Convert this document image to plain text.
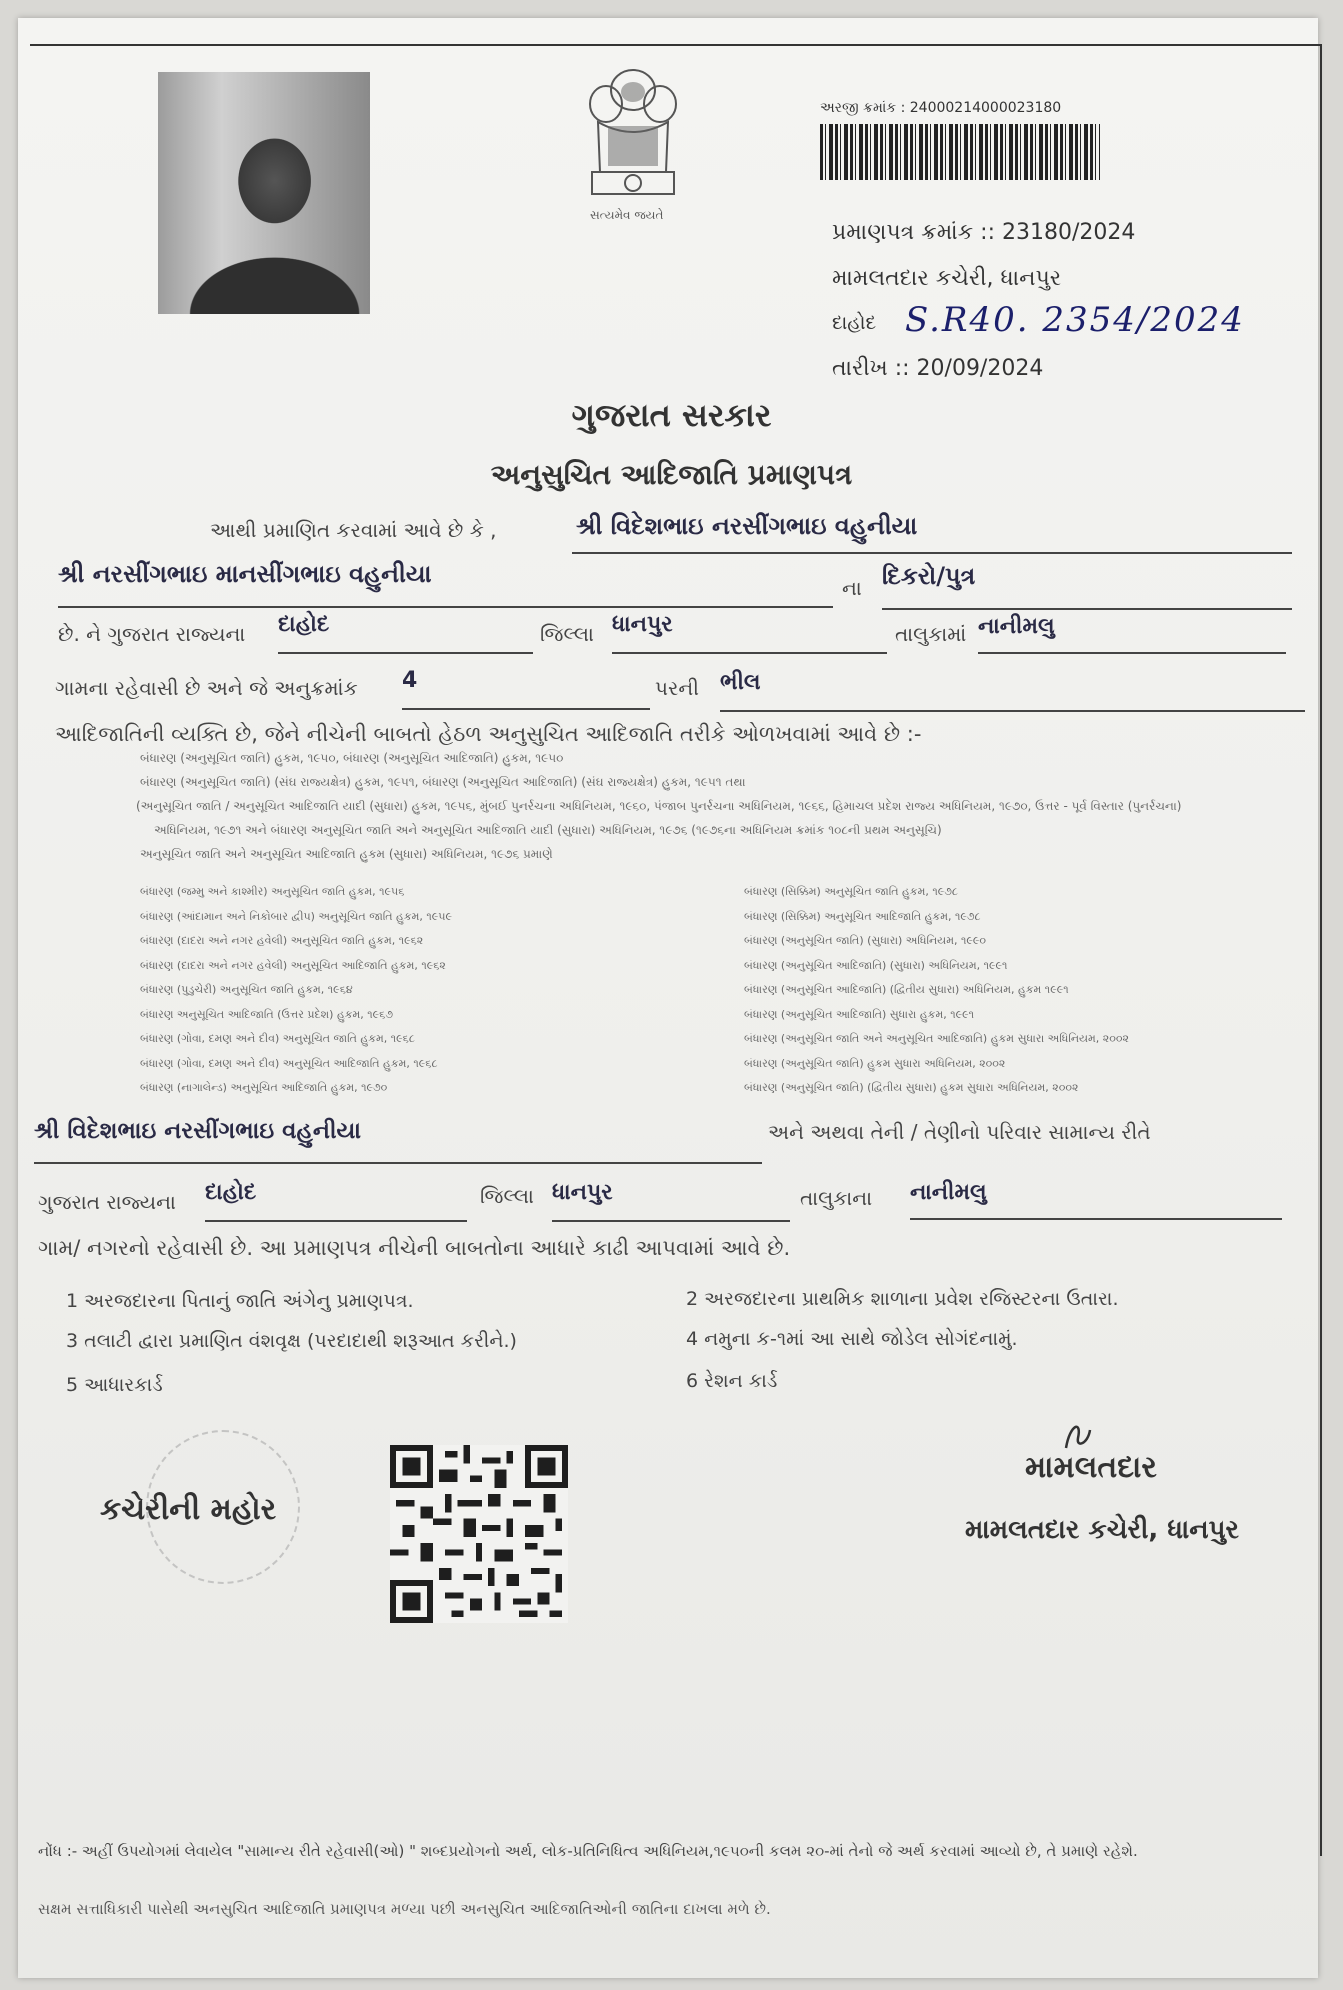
સત્યમેવ જયતે
અરજી ક્રમાંક : 24000214000023180
પ્રમાણપત્ર ક્રમાંક :: 23180/2024
મામલતદાર કચેરી, ધાનપુર
દાહોદ S.R40. 2354/2024
તારીખ :: 20/09/2024
ગુજરાત સરકાર
અનુસુચિત આદિજાતિ પ્રમાણપત્ર
આથી પ્રમાણિત કરવામાં આવે છે કે ,	શ્રી વિદેશભાઇ નરસીંગભાઇ વહુનીયા
શ્રી નરસીંગભાઇ માનસીંગભાઇ વહુનીયા	ના દિકરો/પુત્ર
છે. ને ગુજરાત રાજ્યના દાહોદ	જિલ્લા ધાનપુર	તાલુકામાં નાનીમલુ
ગામના રહેવાસી છે અને જે અનુક્રમાંક 4	પરની ભીલ
આદિજાતિની વ્યક્તિ છે, જેને નીચેની બાબતો હેઠળ અનુસુચિત આદિજાતિ તરીકે ઓળખવામાં આવે છે :-
બંધારણ (અનુસૂચિત જાતિ) હુકમ, ૧૯૫૦, બંધારણ (અનુસૂચિત આદિજાતિ) હુકમ, ૧૯૫૦
બંધારણ (અનુસૂચિત જાતિ) (સંઘ રાજ્યક્ષેત્ર) હુકમ, ૧૯૫૧, બંધારણ (અનુસૂચિત આદિજાતિ) (સંઘ રાજ્યક્ષેત્ર) હુકમ, ૧૯૫૧ તથા
(અનુસૂચિત જાતિ / અનુસૂચિત આદિજાતિ યાદી (સુધારા) હુકમ, ૧૯૫૬, મુંબઈ પુનર્રચના અધિનિયમ, ૧૯૬૦, પંજાબ પુનર્રચના અધિનિયમ, ૧૯૬૬, હિમાચલ પ્રદેશ રાજ્ય અધિનિયમ, ૧૯૭૦, ઉત્તર - પૂર્વ વિસ્તાર (પુનર્રચના)
અધિનિયમ, ૧૯૭૧ અને બંધારણ અનુસૂચિત જાતિ અને અનુસૂચિત આદિજાતિ યાદી (સુધારા) અધિનિયમ, ૧૯૭૬ (૧૯૭૬ના અધિનિયમ ક્રમાંક ૧૦૮ની પ્રથમ અનુસૂચિ)
અનુસૂચિત જાતિ અને અનુસૂચિત આદિજાતિ હુકમ (સુધારા) અધિનિયમ, ૧૯૭૬ પ્રમાણે
બંધારણ (જમ્મુ અને કાશ્મીર) અનુસૂચિત જાતિ હુકમ, ૧૯૫૬
બંધારણ (આંદામાન અને નિકોબાર દ્વીપ) અનુસૂચિત જાતિ હુકમ, ૧૯૫૯
બંધારણ (દાદરા અને નગર હવેલી) અનુસૂચિત જાતિ હુકમ, ૧૯૬૨
બંધારણ (દાદરા અને નગર હવેલી) અનુસૂચિત આદિજાતિ હુકમ, ૧૯૬૨
બંધારણ (પુડુચેરી) અનુસૂચિત જાતિ હુકમ, ૧૯૬૪
બંધારણ અનુસૂચિત આદિજાતિ (ઉત્તર પ્રદેશ) હુકમ, ૧૯૬૭
બંધારણ (ગોવા, દમણ અને દીવ) અનુસૂચિત જાતિ હુકમ, ૧૯૬૮
બંધારણ (ગોવા, દમણ અને દીવ) અનુસૂચિત આદિજાતિ હુકમ, ૧૯૬૮
બંધારણ (નાગાલેન્ડ) અનુસૂચિત આદિજાતિ હુકમ, ૧૯૭૦
બંધારણ (સિક્કિમ) અનુસૂચિત જાતિ હુકમ, ૧૯૭૮
બંધારણ (સિક્કિમ) અનુસૂચિત આદિજાતિ હુકમ, ૧૯૭૮
બંધારણ (અનુસૂચિત જાતિ) (સુધારા) અધિનિયમ, ૧૯૯૦
બંધારણ (અનુસૂચિત આદિજાતિ) (સુધારા) અધિનિયમ, ૧૯૯૧
બંધારણ (અનુસૂચિત આદિજાતિ) (દ્વિતીય સુધારા) અધિનિયમ, હુકમ ૧૯૯૧
બંધારણ (અનુસૂચિત આદિજાતિ) સુધારા હુકમ, ૧૯૯૧
બંધારણ (અનુસૂચિત જાતિ અને અનુસૂચિત આદિજાતિ) હુકમ સુધારા અધિનિયમ, ૨૦૦૨
બંધારણ (અનુસૂચિત જાતિ) હુકમ સુધારા અધિનિયમ, ૨૦૦૨
બંધારણ (અનુસૂચિત જાતિ) (દ્વિતીય સુધારા) હુકમ સુધારા અધિનિયમ, ૨૦૦૨
શ્રી વિદેશભાઇ નરસીંગભાઇ વહુનીયા	અને અથવા તેની / તેણીનો પરિવાર સામાન્ય રીતે
ગુજરાત રાજ્યના દાહોદ	જિલ્લા ધાનપુર	તાલુકાના નાનીમલુ
ગામ/ નગરનો રહેવાસી છે. આ પ્રમાણપત્ર નીચેની બાબતોના આધારે કાઢી આપવામાં આવે છે.
1 અરજદારના પિતાનું જાતિ અંગેનુ પ્રમાણપત્ર.	2 અરજદારના પ્રાથમિક શાળાના પ્રવેશ રજિસ્ટરના ઉતારા.
3 તલાટી દ્વારા પ્રમાણિત વંશવૃક્ષ (પરદાદાથી શરૂઆત કરીને.)	4 નમુના ક-૧માં આ સાથે જોડેલ સોગંદનામું.
5 આધારકાર્ડ	6 રેશન કાર્ડ
કચેરીની મહોર
મામલતદાર
મામલતદાર કચેરી, ધાનપુર
નોંધ :- અહીં ઉપયોગમાં લેવાયેલ "સામાન્ય રીતે રહેવાસી(ઓ) " શબ્દપ્રયોગનો અર્થ, લોક-પ્રતિનિધિત્વ અધિનિયમ,૧૯૫૦ની કલમ ૨૦-માં તેનો જે અર્થ કરવામાં આવ્યો છે, તે પ્રમાણે રહેશે.
સક્ષમ સત્તાધિકારી પાસેથી અનસુચિત આદિજાતિ પ્રમાણપત્ર મળ્યા પછી અનસુચિત આદિજાતિઓની જાતિના દાખલા મળે છે.
